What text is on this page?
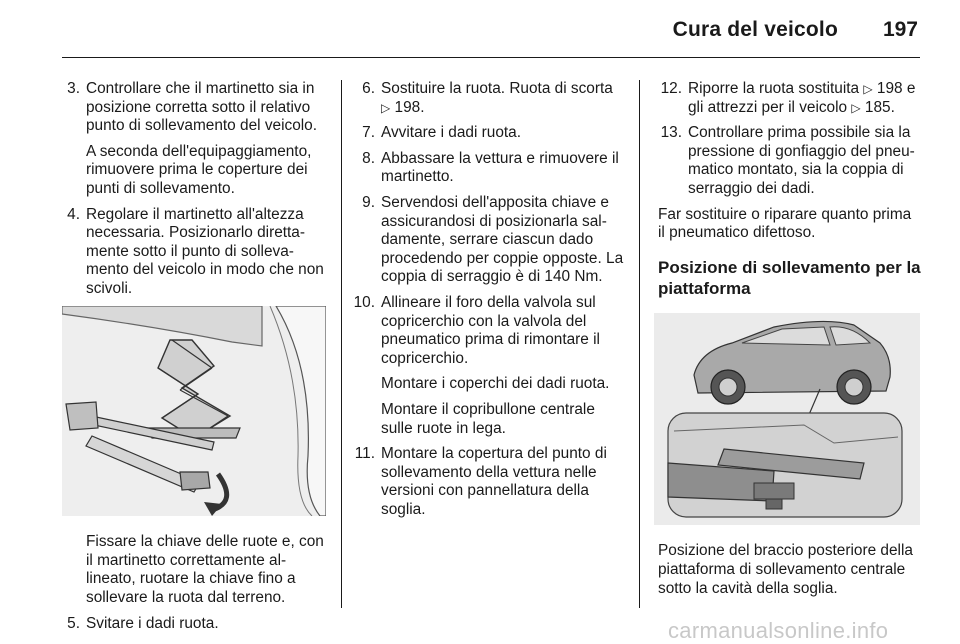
Cura del veicolo 197
3. Controllare che il martinetto sia in posizione corretta sotto il relativo punto di sollevamento del veicolo.

A seconda dell'equipaggiamento, rimuovere prima le coperture dei punti di sollevamento.

4. Regolare il martinetto all'altezza necessaria. Posizionarlo direttamente sotto il punto di sollevamento del veicolo in modo che non scivoli.

Fissare la chiave delle ruote e, con il martinetto correttamente allineato, ruotare la chiave fino a sollevare la ruota dal terreno.

5. Svitare i dadi ruota.

6. Sostituire la ruota. Ruota di scorta
▷ 198.

7. Avvitare i dadi ruota.

8. Abbassare la vettura e rimuovere il martinetto.

9. Servendosi dell'apposita chiave e assicurandosi di posizionarla saldamente, serrare ciascun dado procedendo per coppie opposte. La coppia di serraggio è di 140 Nm.

10. Allineare il foro della valvola sul copricerchio con la valvola del pneumatico prima di rimontare il copricerchio.

Montare i coperchi dei dadi ruota.

Montare il copribullone centrale sulle ruote in lega.

11. Montare la copertura del punto di sollevamento della vettura nelle versioni con pannellatura della soglia.

12. Riporre la ruota sostituita ▷ 198 e gli attrezzi per il veicolo ▷ 185.

13. Controllare prima possibile sia la pressione di gonfiaggio del pneumatico montato, sia la coppia di serraggio dei dadi.

Far sostituire o riparare quanto prima il pneumatico difettoso.

Posizione di sollevamento per la piattaforma

Posizione del braccio posteriore della piattaforma di sollevamento centrale sotto la cavità della soglia.

carmanualsonline.info
